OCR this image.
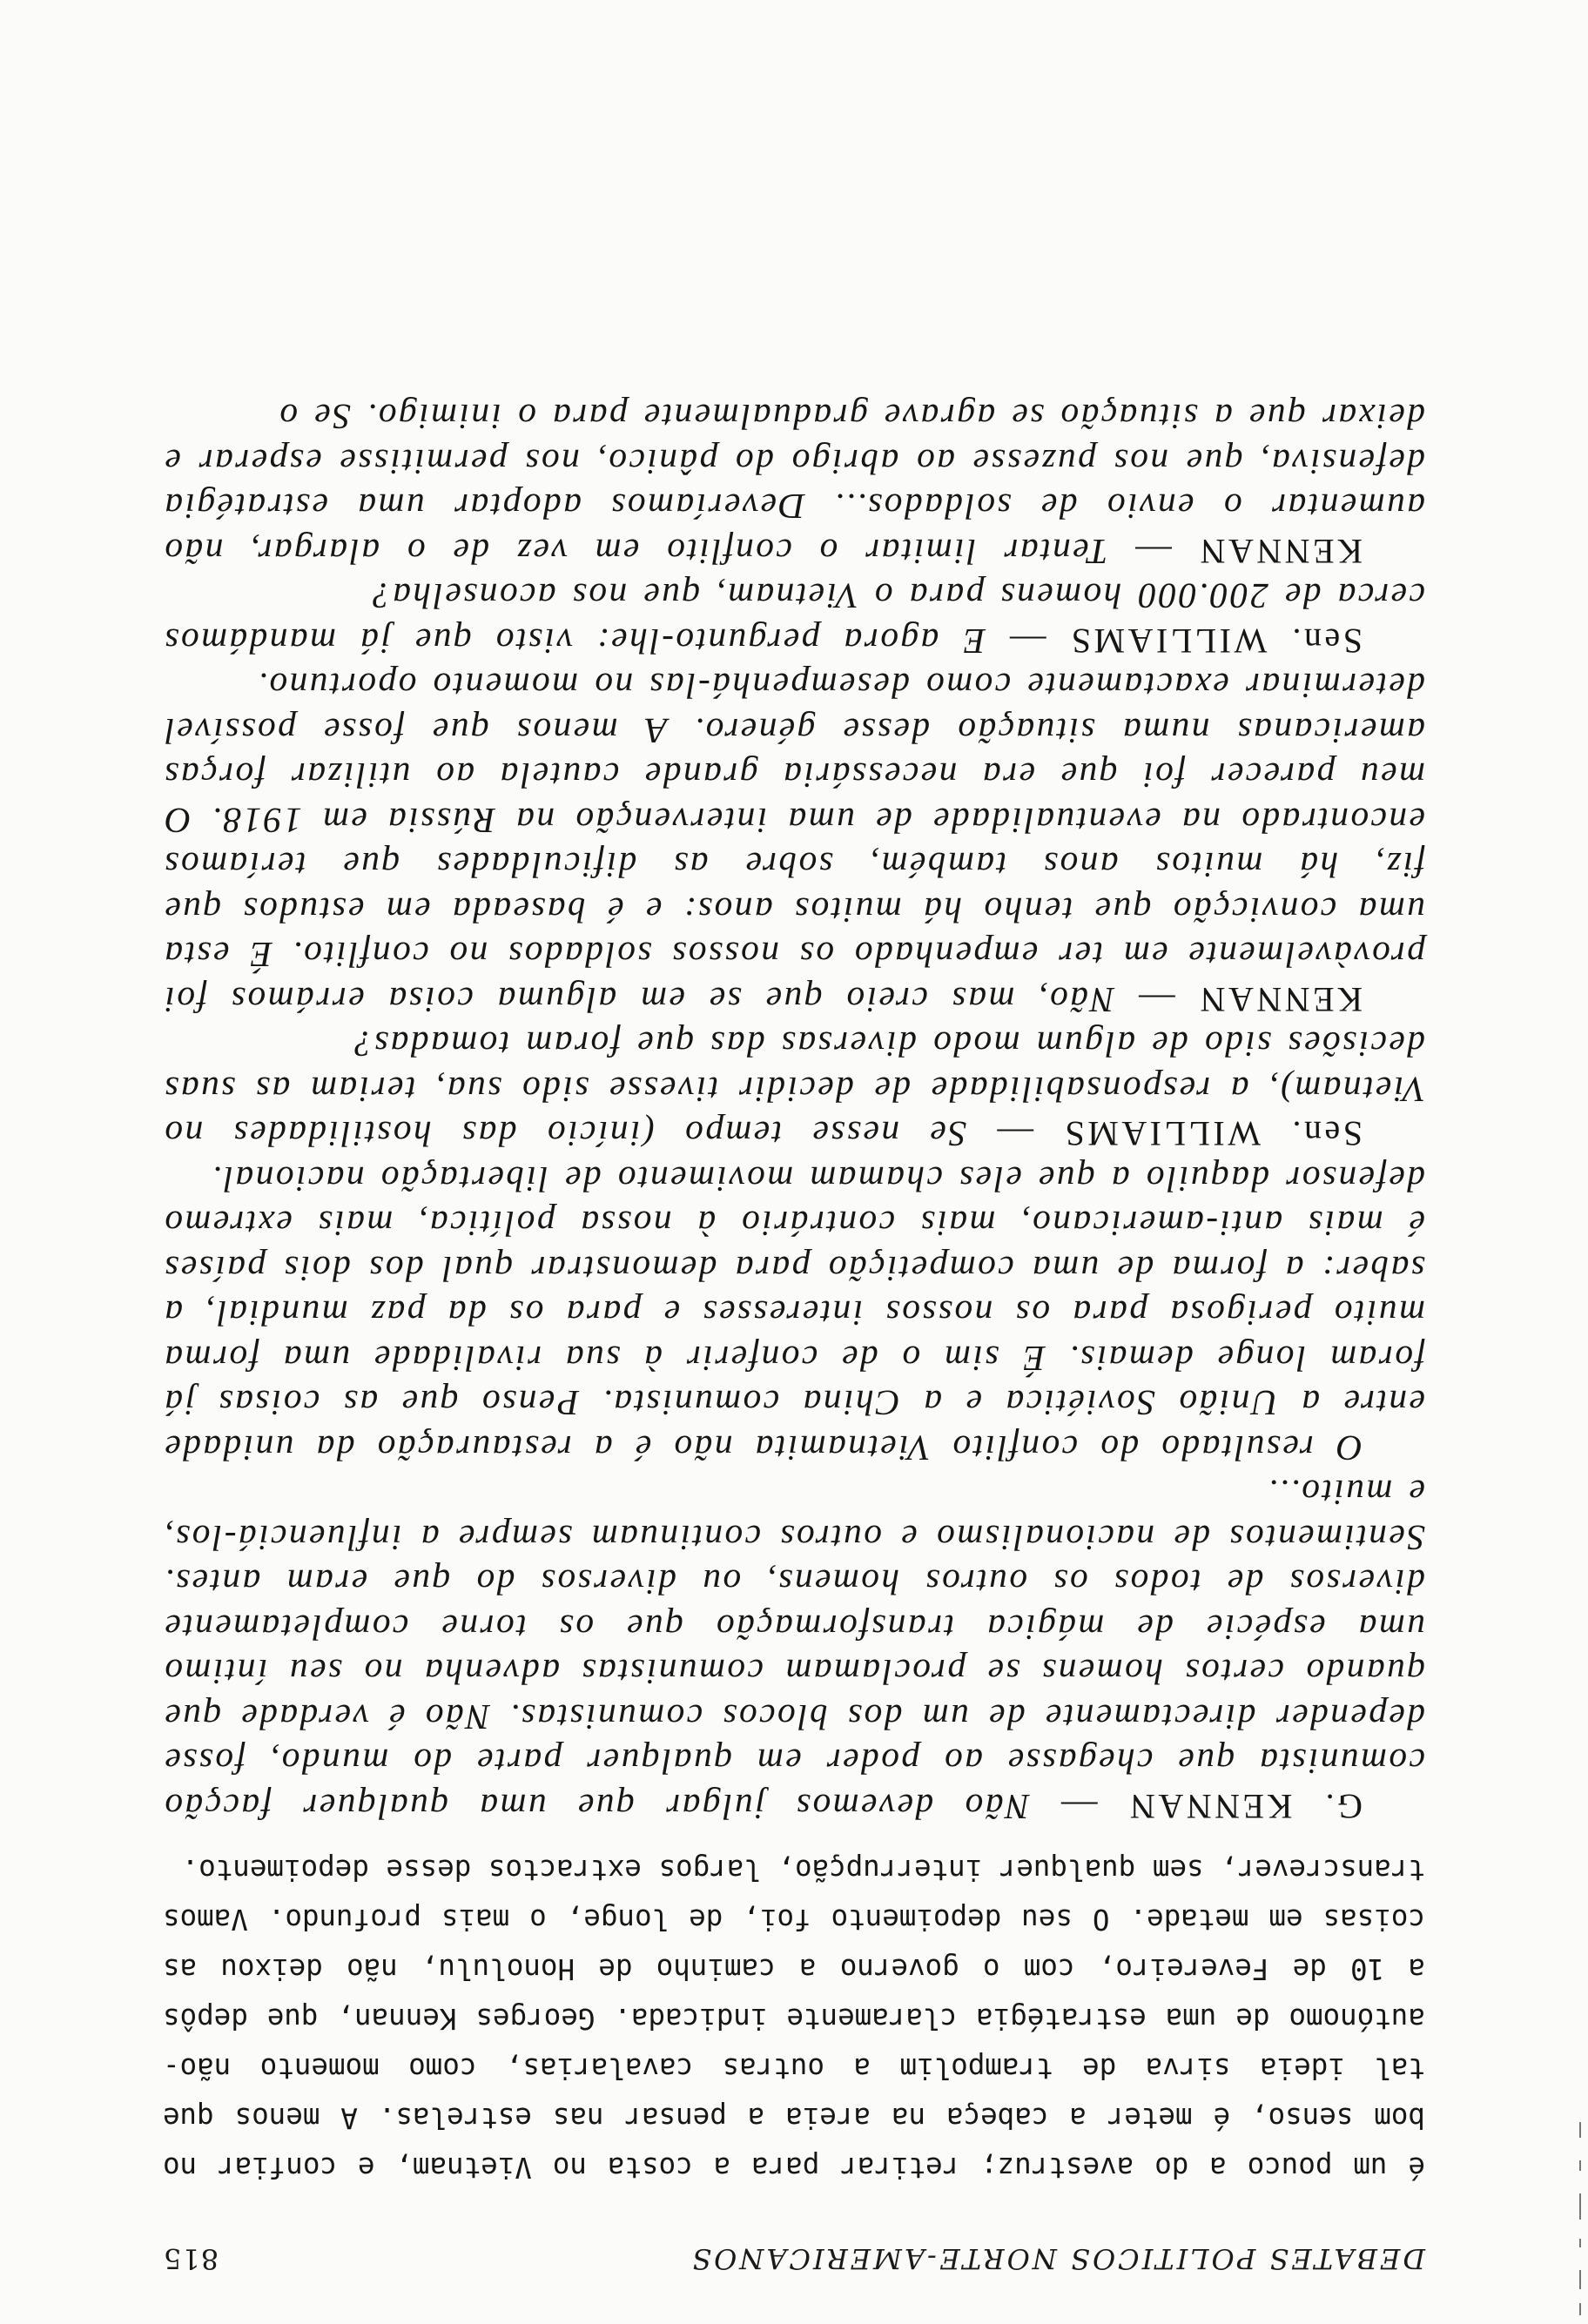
DEBATES POLITICOS NORTE-AMERICANOS
815

é um pouco a do avestruz; retirar para a costa no Vietnam, e confiar no bom senso, é meter a cabeça na areia a pensar nas estrelas. A menos que tal ideia sirva de trampolim a outras cavalarias, como momento não-autónomo de uma estratégia claramente indicada. Georges Kennan, que depôs a 10 de Fevereiro, com o governo a caminho de Honolulu, não deixou as coisas em metade. O seu depoimento foi, de longe, o mais profundo. Vamos transcrever, sem qualquer interrupção, largos extractos desse depoimento.

G. KENNAN — Não devemos julgar que uma qualquer facção comunista que chegasse ao poder em qualquer parte do mundo, fosse depender directamente de um dos blocos comunistas. Não é verdade que quando certos homens se proclamam comunistas advenha no seu íntimo uma espécie de mágica transformação que os torne completamente diversos de todos os outros homens, ou diversos do que eram antes. Sentimentos de nacionalismo e outros continuam sempre a influenciá-los, e muito...

O resultado do conflito Vietnamita não é a restauração da unidade entre a União Soviética e a China comunista. Penso que as coisas já foram longe demais. É sim o de conferir à sua rivalidade uma forma muito perigosa para os nossos interesses e para os da paz mundial, a saber: a forma de uma competição para demonstrar qual dos dois países é mais anti-americano, mais contrário à nossa política, mais extremo defensor daquilo a que eles chamam movimento de libertação nacional.

Sen. WILLIAMS — Se nesse tempo (início das hostilidades no Vietnam), a responsabilidade de decidir tivesse sido sua, teriam as suas decisões sido de algum modo diversas das que foram tomadas?

KENNAN — Não, mas creio que se em alguma coisa errámos foi provàvelmente em ter empenhado os nossos soldados no conflito. É esta uma convicção que tenho há muitos anos: e é baseada em estudos que fiz, há muitos anos também, sobre as dificuldades que teríamos encontrado na eventualidade de uma intervenção na Rússia em 1918. O meu parecer foi que era necessária grande cautela ao utilizar forças americanas numa situação desse género. A menos que fosse possível determinar exactamente como desempenhá-las no momento oportuno.

Sen. WILLIAMS — E agora pergunto-lhe: visto que já mandámos cerca de 200.000 homens para o Vietnam, que nos aconselha?

KENNAN — Tentar limitar o conflito em vez de o alargar, não aumentar o envio de soldados... Deveríamos adoptar uma estratégia defensiva, que nos puzesse ao abrigo do pânico, nos permitisse esperar e deixar que a situação se agrave gradualmente para o inimigo. Se o
